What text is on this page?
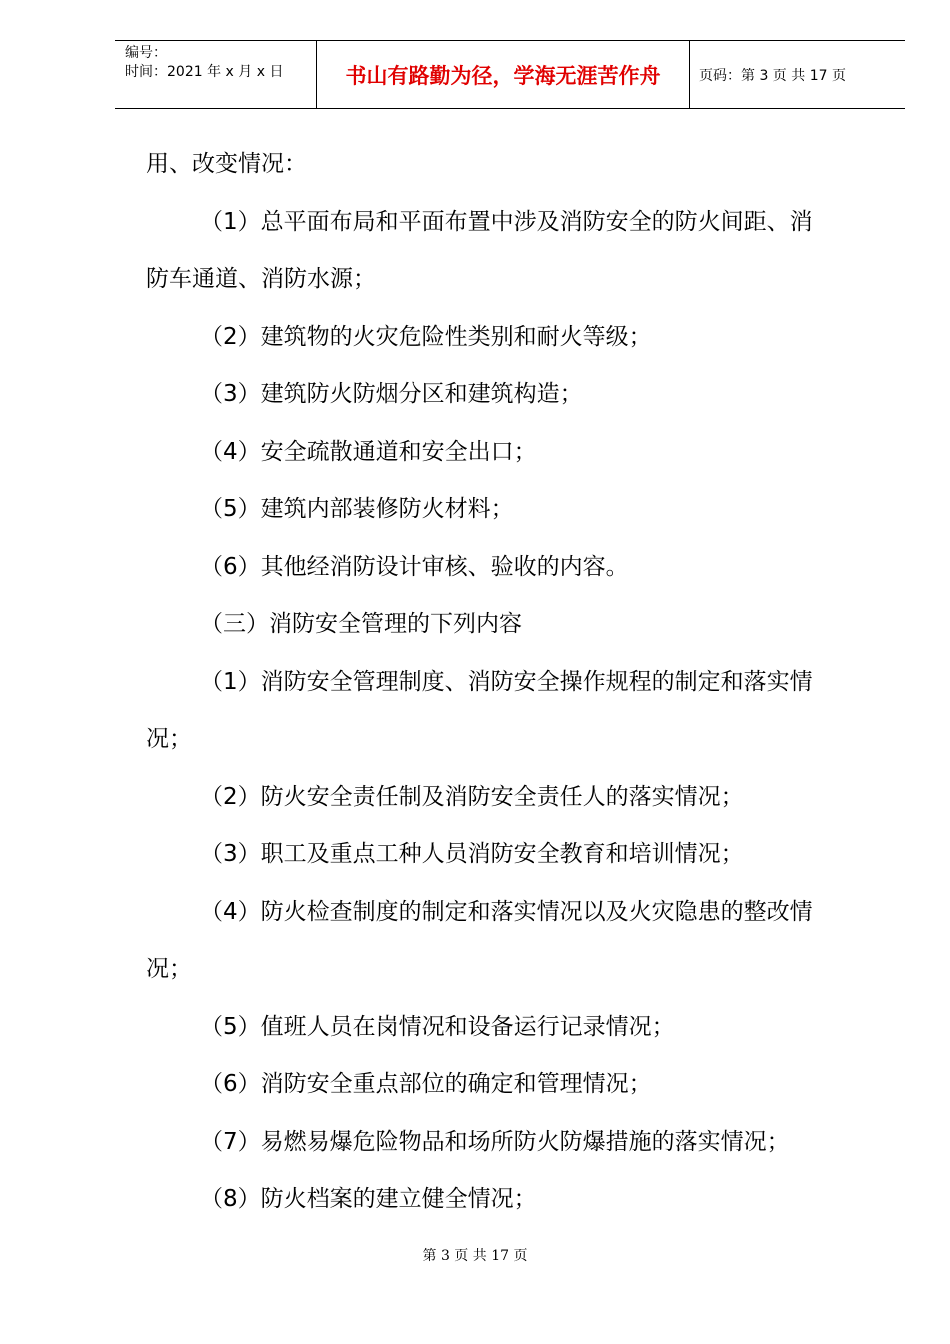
编号：
时间：2021 年 x 月 x 日	书山有路勤为径，学海无涯苦作舟	页码：第 3 页 共 17 页
用、改变情况：
（1）总平面布局和平面布置中涉及消防安全的防火间距、消
防车通道、消防水源；
（2）建筑物的火灾危险性类别和耐火等级；
（3）建筑防火防烟分区和建筑构造；
（4）安全疏散通道和安全出口；
（5）建筑内部装修防火材料；
（6）其他经消防设计审核、验收的内容。
（三）消防安全管理的下列内容
（1）消防安全管理制度、消防安全操作规程的制定和落实情
况；
（2）防火安全责任制及消防安全责任人的落实情况；
（3）职工及重点工种人员消防安全教育和培训情况；
（4）防火检查制度的制定和落实情况以及火灾隐患的整改情
况；
（5）值班人员在岗情况和设备运行记录情况；
（6）消防安全重点部位的确定和管理情况；
（7）易燃易爆危险物品和场所防火防爆措施的落实情况；
（8）防火档案的建立健全情况；
第 3 页 共 17 页
